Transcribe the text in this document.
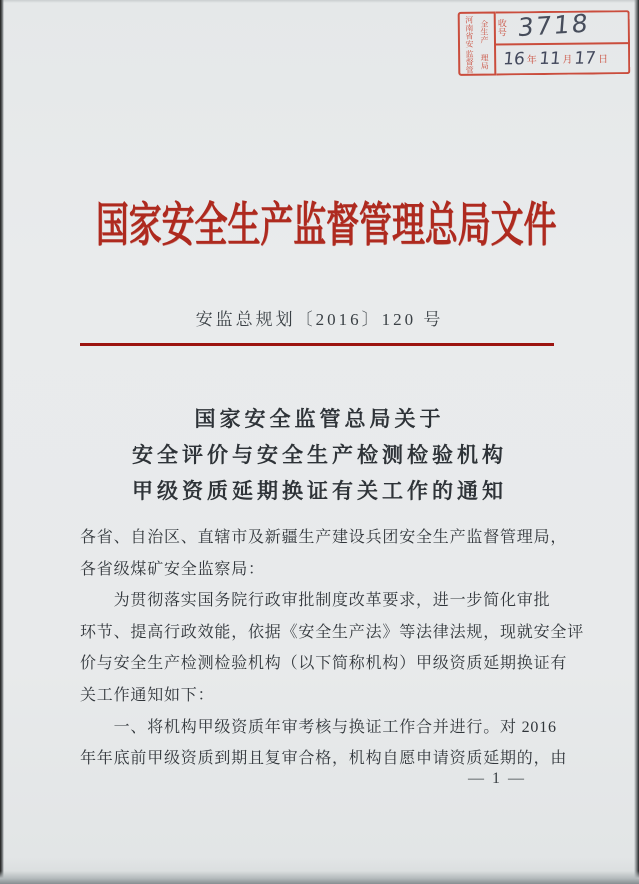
河南省安全生产
监督管理局
收号 3718
16 年 11 月 17 日
国家安全生产监督管理总局文件
安监总规划〔2016〕120 号
国家安全监管总局关于
安全评价与安全生产检测检验机构
甲级资质延期换证有关工作的通知
各省、自治区、直辖市及新疆生产建设兵团安全生产监督管理局，
各省级煤矿安全监察局：
　　为贯彻落实国务院行政审批制度改革要求，进一步简化审批
环节、提高行政效能，依据《安全生产法》等法律法规，现就安全评
价与安全生产检测检验机构（以下简称机构）甲级资质延期换证有
关工作通知如下：
　　一、将机构甲级资质年审考核与换证工作合并进行。对 2016
年年底前甲级资质到期且复审合格，机构自愿申请资质延期的，由
— 1 —
